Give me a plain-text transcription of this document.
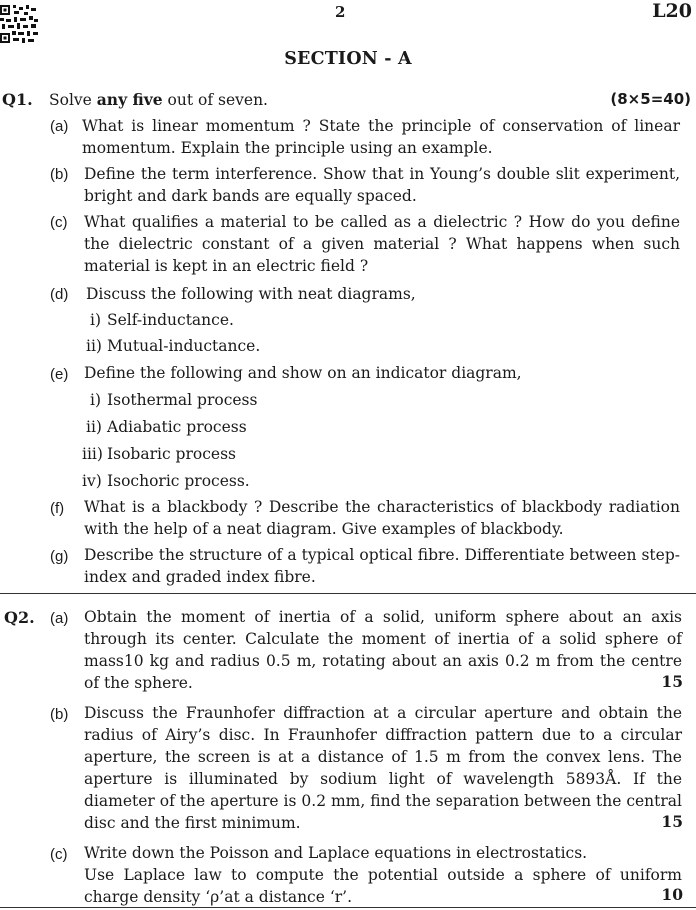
2	L20
SECTION - A
Q1. Solve any five out of seven.	(8×5=40)
(a) What is linear momentum ? State the principle of conservation of linear momentum. Explain the principle using an example.
(b) Define the term interference. Show that in Young’s double slit experiment, bright and dark bands are equally spaced.
(c) What qualifies a material to be called as a dielectric ? How do you define the dielectric constant of a given material ? What happens when such material is kept in an electric field ?
(d) Discuss the following with neat diagrams,
i) Self-inductance.
ii) Mutual-inductance.
(e) Define the following and show on an indicator diagram,
i) Isothermal process
ii) Adiabatic process
iii) Isobaric process
iv) Isochoric process.
(f) What is a blackbody ? Describe the characteristics of blackbody radiation with the help of a neat diagram. Give examples of blackbody.
(g) Describe the structure of a typical optical fibre. Differentiate between step-index and graded index fibre.
Q2. (a) Obtain the moment of inertia of a solid, uniform sphere about an axis through its center. Calculate the moment of inertia of a solid sphere of mass10 kg and radius 0.5 m, rotating about an axis 0.2 m from the centre of the sphere.	15
(b) Discuss the Fraunhofer diffraction at a circular aperture and obtain the radius of Airy’s disc. In Fraunhofer diffraction pattern due to a circular aperture, the screen is at a distance of 1.5 m from the convex lens. The aperture is illuminated by sodium light of wavelength 5893Å. If the diameter of the aperture is 0.2 mm, find the separation between the central disc and the first minimum.	15
(c) Write down the Poisson and Laplace equations in electrostatics.
Use Laplace law to compute the potential outside a sphere of uniform charge density ‘ρ’at a distance ‘r’.	10
